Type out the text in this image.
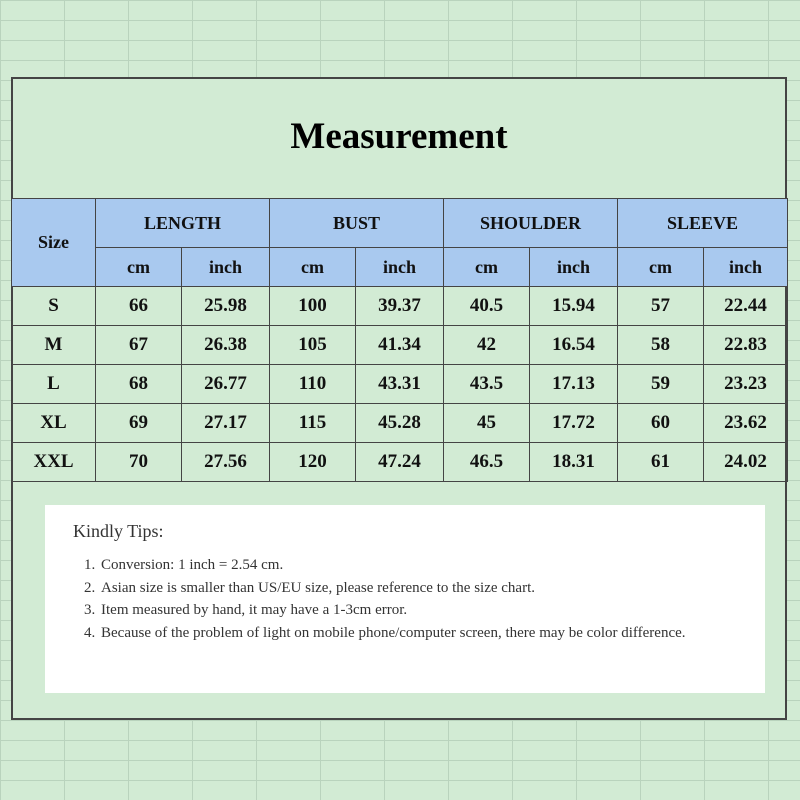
Measurement
Size	LENGTH		BUST		SHOULDER		SLEEVE	
	cm	inch	cm	inch	cm	inch	cm	inch
S	66	25.98	100	39.37	40.5	15.94	57	22.44
M	67	26.38	105	41.34	42	16.54	58	22.83
L	68	26.77	110	43.31	43.5	17.13	59	23.23
XL	69	27.17	115	45.28	45	17.72	60	23.62
XXL	70	27.56	120	47.24	46.5	18.31	61	24.02
Kindly Tips:
1. Conversion: 1 inch = 2.54 cm.
2. Asian size is smaller than US/EU size, please reference to the size chart.
3. Item measured by hand, it may have a 1-3cm error.
4. Because of the problem of light on mobile phone/computer screen, there may be color difference.
